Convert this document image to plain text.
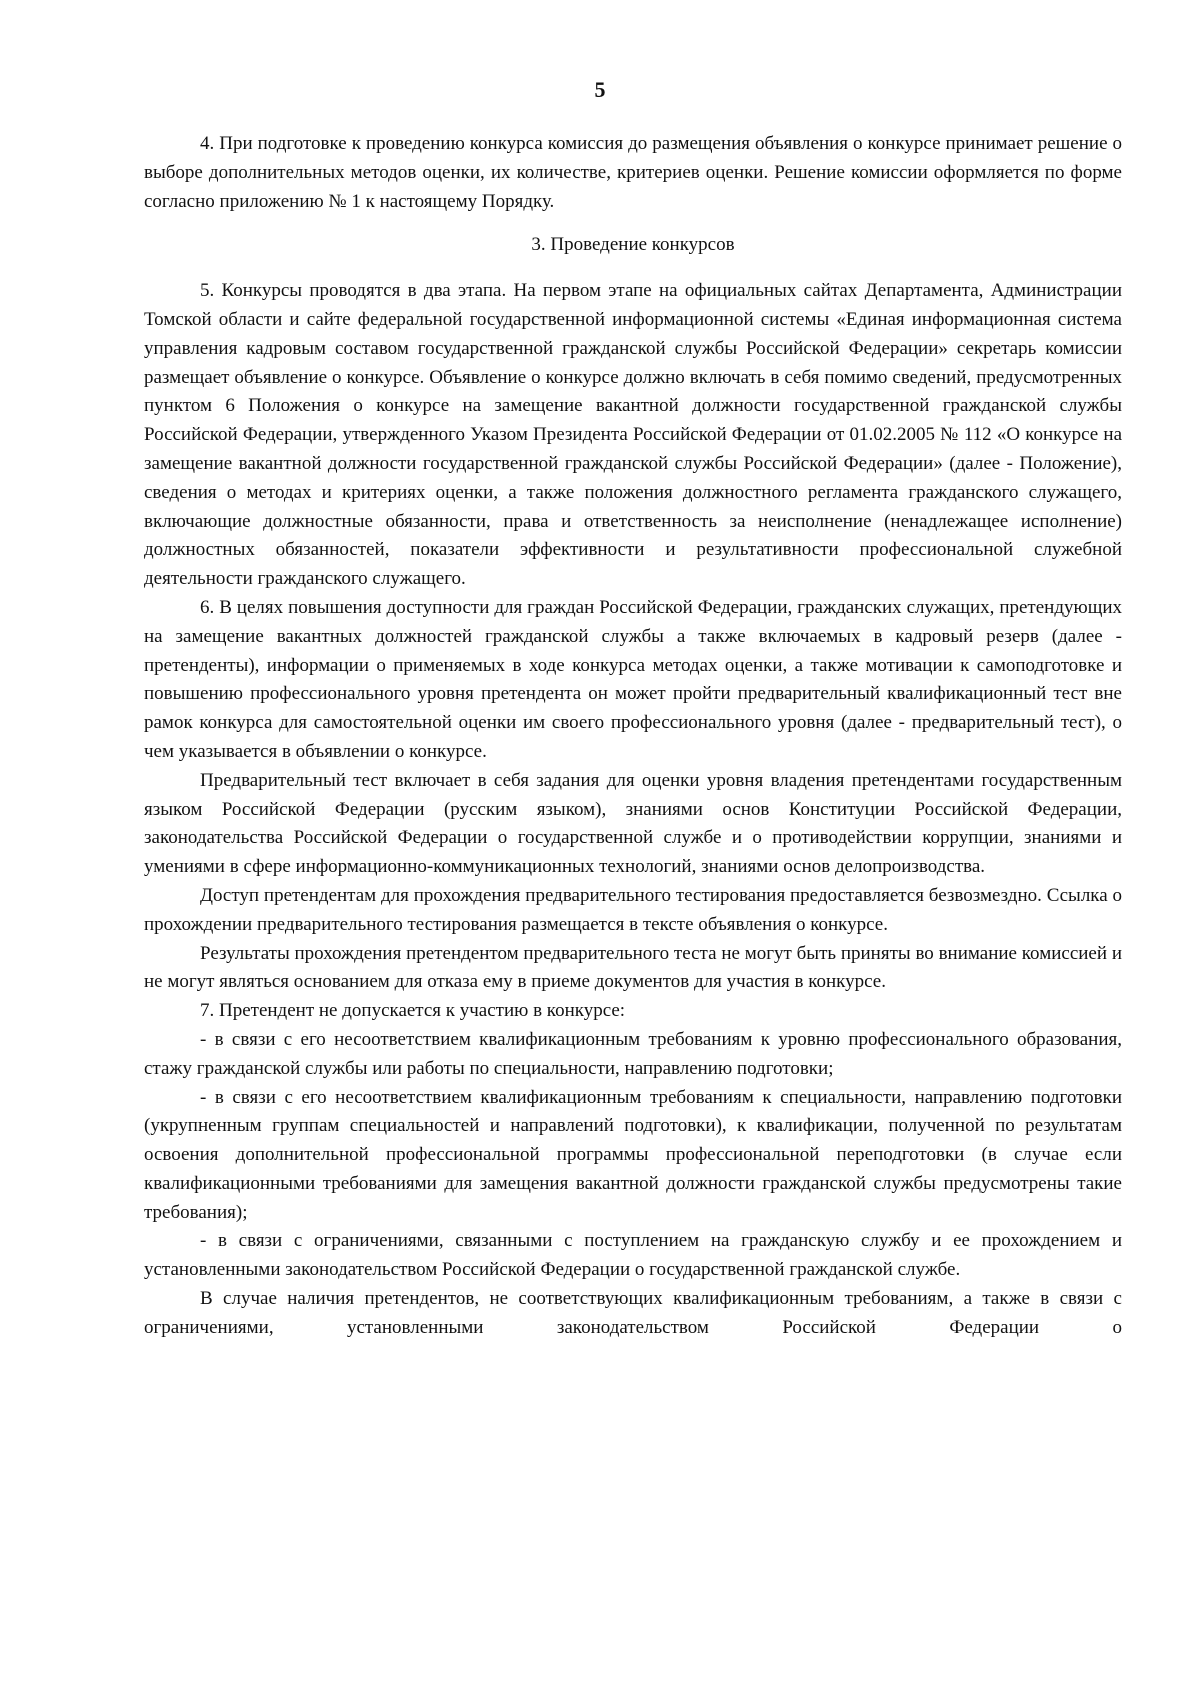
5

4. При подготовке к проведению конкурса комиссия до размещения объявления о конкурсе принимает решение о выборе дополнительных методов оценки, их количестве, критериев оценки. Решение комиссии оформляется по форме согласно приложению № 1 к настоящему Порядку.

3. Проведение конкурсов

5. Конкурсы проводятся в два этапа. На первом этапе на официальных сайтах Департамента, Администрации Томской области и сайте федеральной государственной информационной системы «Единая информационная система управления кадровым составом государственной гражданской службы Российской Федерации» секретарь комиссии размещает объявление о конкурсе. Объявление о конкурсе должно включать в себя помимо сведений, предусмотренных пунктом 6 Положения о конкурсе на замещение вакантной должности государственной гражданской службы Российской Федерации, утвержденного Указом Президента Российской Федерации от 01.02.2005 № 112 «О конкурсе на замещение вакантной должности государственной гражданской службы Российской Федерации» (далее - Положение), сведения о методах и критериях оценки, а также положения должностного регламента гражданского служащего, включающие должностные обязанности, права и ответственность за неисполнение (ненадлежащее исполнение) должностных обязанностей, показатели эффективности и результативности профессиональной служебной деятельности гражданского служащего.

6. В целях повышения доступности для граждан Российской Федерации, гражданских служащих, претендующих на замещение вакантных должностей гражданской службы а также включаемых в кадровый резерв (далее - претенденты), информации о применяемых в ходе конкурса методах оценки, а также мотивации к самоподготовке и повышению профессионального уровня претендента он может пройти предварительный квалификационный тест вне рамок конкурса для самостоятельной оценки им своего профессионального уровня (далее - предварительный тест), о чем указывается в объявлении о конкурсе.

Предварительный тест включает в себя задания для оценки уровня владения претендентами государственным языком Российской Федерации (русским языком), знаниями основ Конституции Российской Федерации, законодательства Российской Федерации о государственной службе и о противодействии коррупции, знаниями и умениями в сфере информационно-коммуникационных технологий, знаниями основ делопроизводства.

Доступ претендентам для прохождения предварительного тестирования предоставляется безвозмездно. Ссылка о прохождении предварительного тестирования размещается в тексте объявления о конкурсе.

Результаты прохождения претендентом предварительного теста не могут быть приняты во внимание комиссией и не могут являться основанием для отказа ему в приеме документов для участия в конкурсе.

7. Претендент не допускается к участию в конкурсе:

- в связи с его несоответствием квалификационным требованиям к уровню профессионального образования, стажу гражданской службы или работы по специальности, направлению подготовки;

- в связи с его несоответствием квалификационным требованиям к специальности, направлению подготовки (укрупненным группам специальностей и направлений подготовки), к квалификации, полученной по результатам освоения дополнительной профессиональной программы профессиональной переподготовки (в случае если квалификационными требованиями для замещения вакантной должности гражданской службы предусмотрены такие требования);

- в связи с ограничениями, связанными с поступлением на гражданскую службу и ее прохождением и установленными законодательством Российской Федерации о государственной гражданской службе.

В случае наличия претендентов, не соответствующих квалификационным требованиям, а также в связи с ограничениями, установленными законодательством Российской Федерации о
